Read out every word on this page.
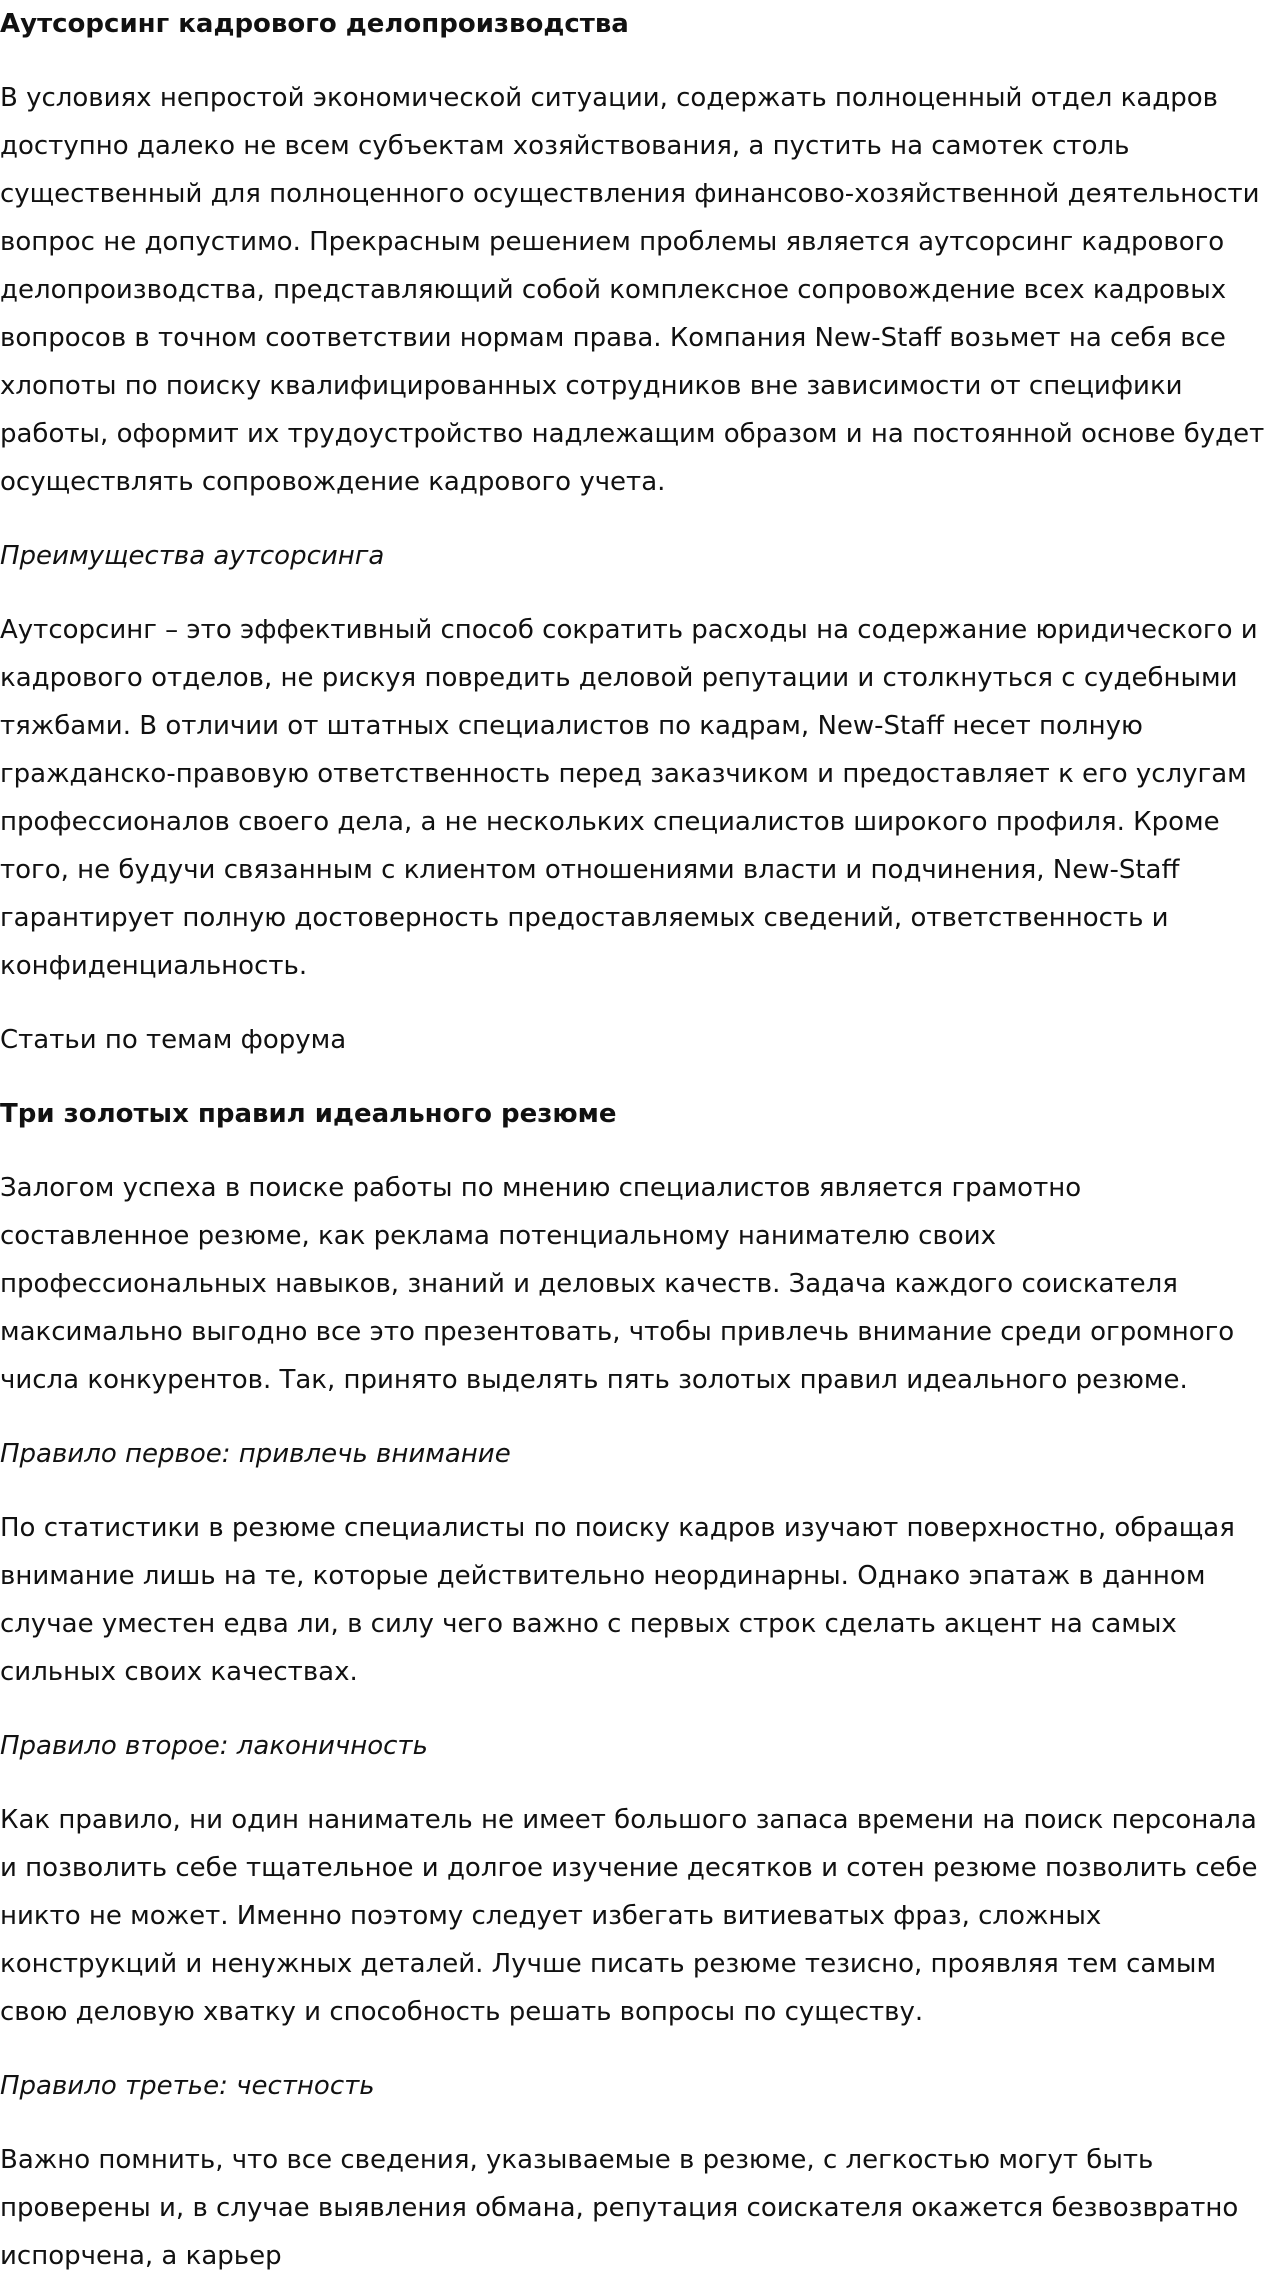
Аутсорсинг кадрового делопроизводства

В условиях непростой экономической ситуации, содержать полноценный отдел кадров доступно далеко не всем субъектам хозяйствования, а пустить на самотек столь существенный для полноценного осуществления финансово-хозяйственной деятельности вопрос не допустимо. Прекрасным решением проблемы является аутсорсинг кадрового делопроизводства, представляющий собой комплексное сопровождение всех кадровых вопросов в точном соответствии нормам права. Компания New-Staff возьмет на себя все хлопоты по поиску квалифицированных сотрудников вне зависимости от специфики работы, оформит их трудоустройство надлежащим образом и на постоянной основе будет осуществлять сопровождение кадрового учета.

Преимущества аутсорсинга

Аутсорсинг – это эффективный способ сократить расходы на содержание юридического и кадрового отделов, не рискуя повредить деловой репутации и столкнуться с судебными тяжбами. В отличии от штатных специалистов по кадрам, New-Staff несет полную гражданско-правовую ответственность перед заказчиком и предоставляет к его услугам профессионалов своего дела, а не нескольких специалистов широкого профиля. Кроме того, не будучи связанным с клиентом отношениями власти и подчинения, New-Staff гарантирует полную достоверность предоставляемых сведений, ответственность и конфиденциальность.

Статьи по темам форума

Три золотых правил идеального резюме

Залогом успеха в поиске работы по мнению специалистов является грамотно составленное резюме, как реклама потенциальному нанимателю своих профессиональных навыков, знаний и деловых качеств. Задача каждого соискателя максимально выгодно все это презентовать, чтобы привлечь внимание среди огромного числа конкурентов. Так, принято выделять пять золотых правил идеального резюме.

Правило первое: привлечь внимание

По статистики в резюме специалисты по поиску кадров изучают поверхностно, обращая внимание лишь на те, которые действительно неординарны. Однако эпатаж в данном случае уместен едва ли, в силу чего важно с первых строк сделать акцент на самых сильных своих качествах.

Правило второе: лаконичность

Как правило, ни один наниматель не имеет большого запаса времени на поиск персонала и позволить себе тщательное и долгое изучение десятков и сотен резюме позволить себе никто не может. Именно поэтому следует избегать витиеватых фраз, сложных конструкций и ненужных деталей. Лучше писать резюме тезисно, проявляя тем самым свою деловую хватку и способность решать вопросы по существу.

Правило третье: честность

Важно помнить, что все сведения, указываемые в резюме, с легкостью могут быть проверены и, в случае выявления обмана, репутация соискателя окажется безвозвратно испорчена, а карьер
